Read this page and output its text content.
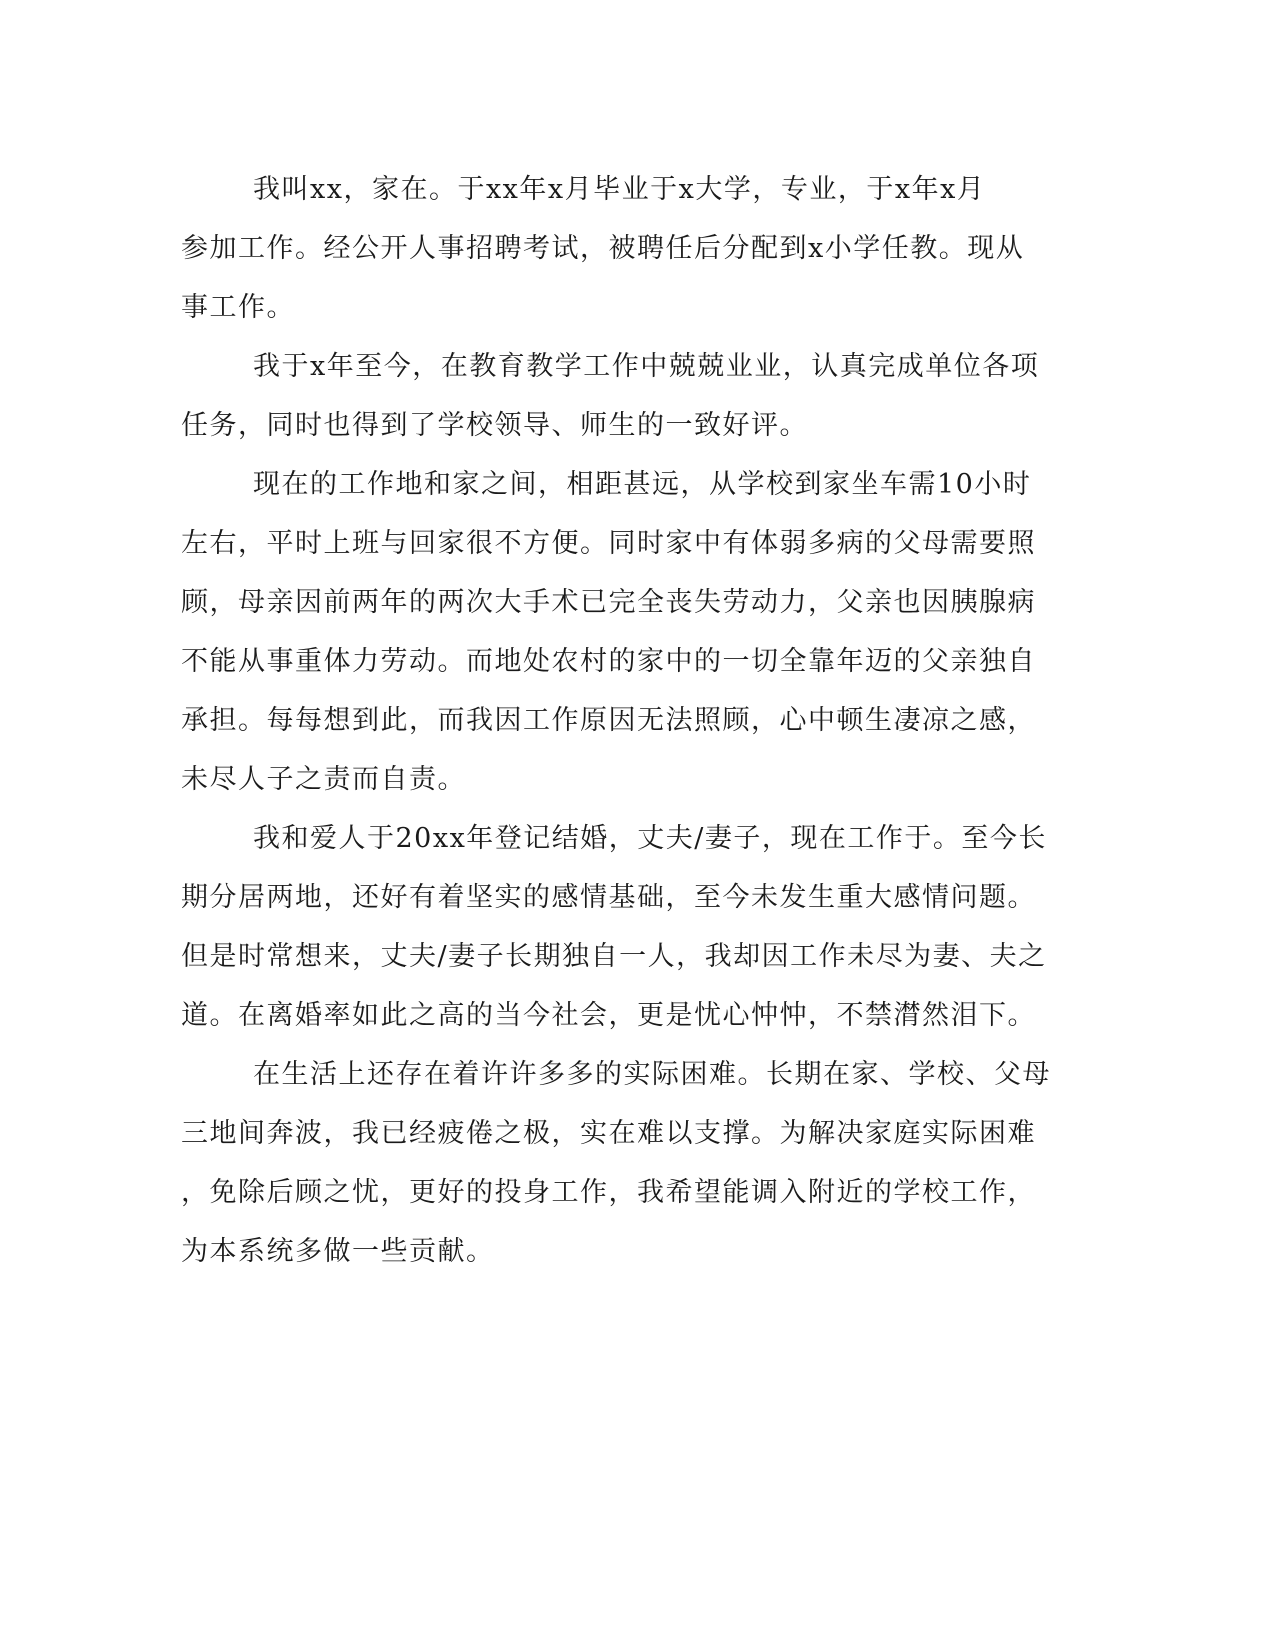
我叫xx，家在。于xx年x月毕业于x大学，专业，于x年x月
参加工作。经公开人事招聘考试，被聘任后分配到x小学任教。现从
事工作。

我于x年至今，在教育教学工作中兢兢业业，认真完成单位各项
任务，同时也得到了学校领导、师生的一致好评。

现在的工作地和家之间，相距甚远，从学校到家坐车需10小时
左右，平时上班与回家很不方便。同时家中有体弱多病的父母需要照
顾，母亲因前两年的两次大手术已完全丧失劳动力，父亲也因胰腺病
不能从事重体力劳动。而地处农村的家中的一切全靠年迈的父亲独自
承担。每每想到此，而我因工作原因无法照顾，心中顿生凄凉之感，
未尽人子之责而自责。

我和爱人于20xx年登记结婚，丈夫/妻子，现在工作于。至今长
期分居两地，还好有着坚实的感情基础，至今未发生重大感情问题。
但是时常想来，丈夫/妻子长期独自一人，我却因工作未尽为妻、夫之
道。在离婚率如此之高的当今社会，更是忧心忡忡，不禁潸然泪下。

在生活上还存在着许许多多的实际困难。长期在家、学校、父母
三地间奔波，我已经疲倦之极，实在难以支撑。为解决家庭实际困难
，免除后顾之忧，更好的投身工作，我希望能调入附近的学校工作，
为本系统多做一些贡献。
